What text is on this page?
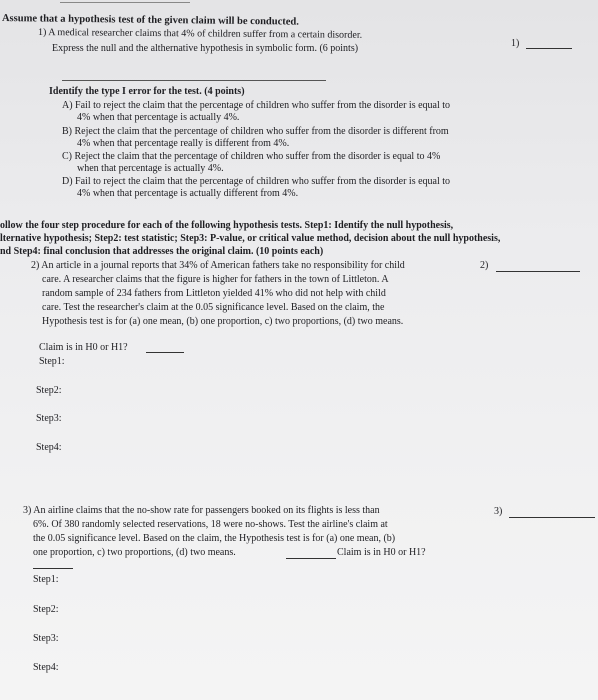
Assume that a hypothesis test of the given claim will be conducted.
1) A medical researcher claims that 4% of children suffer from a certain disorder.
Express the null and the althernative hypothesis in symbolic form. (6 points)	1)
Identify the type I error for the test. (4 points)
A) Fail to reject the claim that the percentage of children who suffer from the disorder is equal to
4% when that percentage is actually 4%.
B) Reject the claim that the percentage of children who suffer from the disorder is different from
4% when that percentage really is different from 4%.
C) Reject the claim that the percentage of children who suffer from the disorder is equal to 4%
when that percentage is actually 4%.
D) Fail to reject the claim that the percentage of children who suffer from the disorder is equal to
4% when that percentage is actually different from 4%.
ollow the four step procedure for each of the following hypothesis tests. Step1: Identify the null hypothesis,
lternative hypothesis; Step2: test statistic; Step3: P-value, or critical value method, decision about the null hypothesis,
nd Step4: final conclusion that addresses the original claim. (10 points each)
2) An article in a journal reports that 34% of American fathers take no responsibility for child
care. A researcher claims that the figure is higher for fathers in the town of Littleton. A
random sample of 234 fathers from Littleton yielded 41% who did not help with child
care. Test the researcher's claim at the 0.05 significance level. Based on the claim, the
Hypothesis test is for (a) one mean, (b) one proportion, c) two proportions, (d) two means.
2)
Claim is in H0 or H1?
Step1:
Step2:
Step3:
Step4:
3) An airline claims that the no-show rate for passengers booked on its flights is less than
6%. Of 380 randomly selected reservations, 18 were no-shows. Test the airline's claim at
the 0.05 significance level. Based on the claim, the Hypothesis test is for (a) one mean, (b)
one proportion, c) two proportions, (d) two means.	Claim is in H0 or H1?
3)
Step1:
Step2:
Step3:
Step4:
